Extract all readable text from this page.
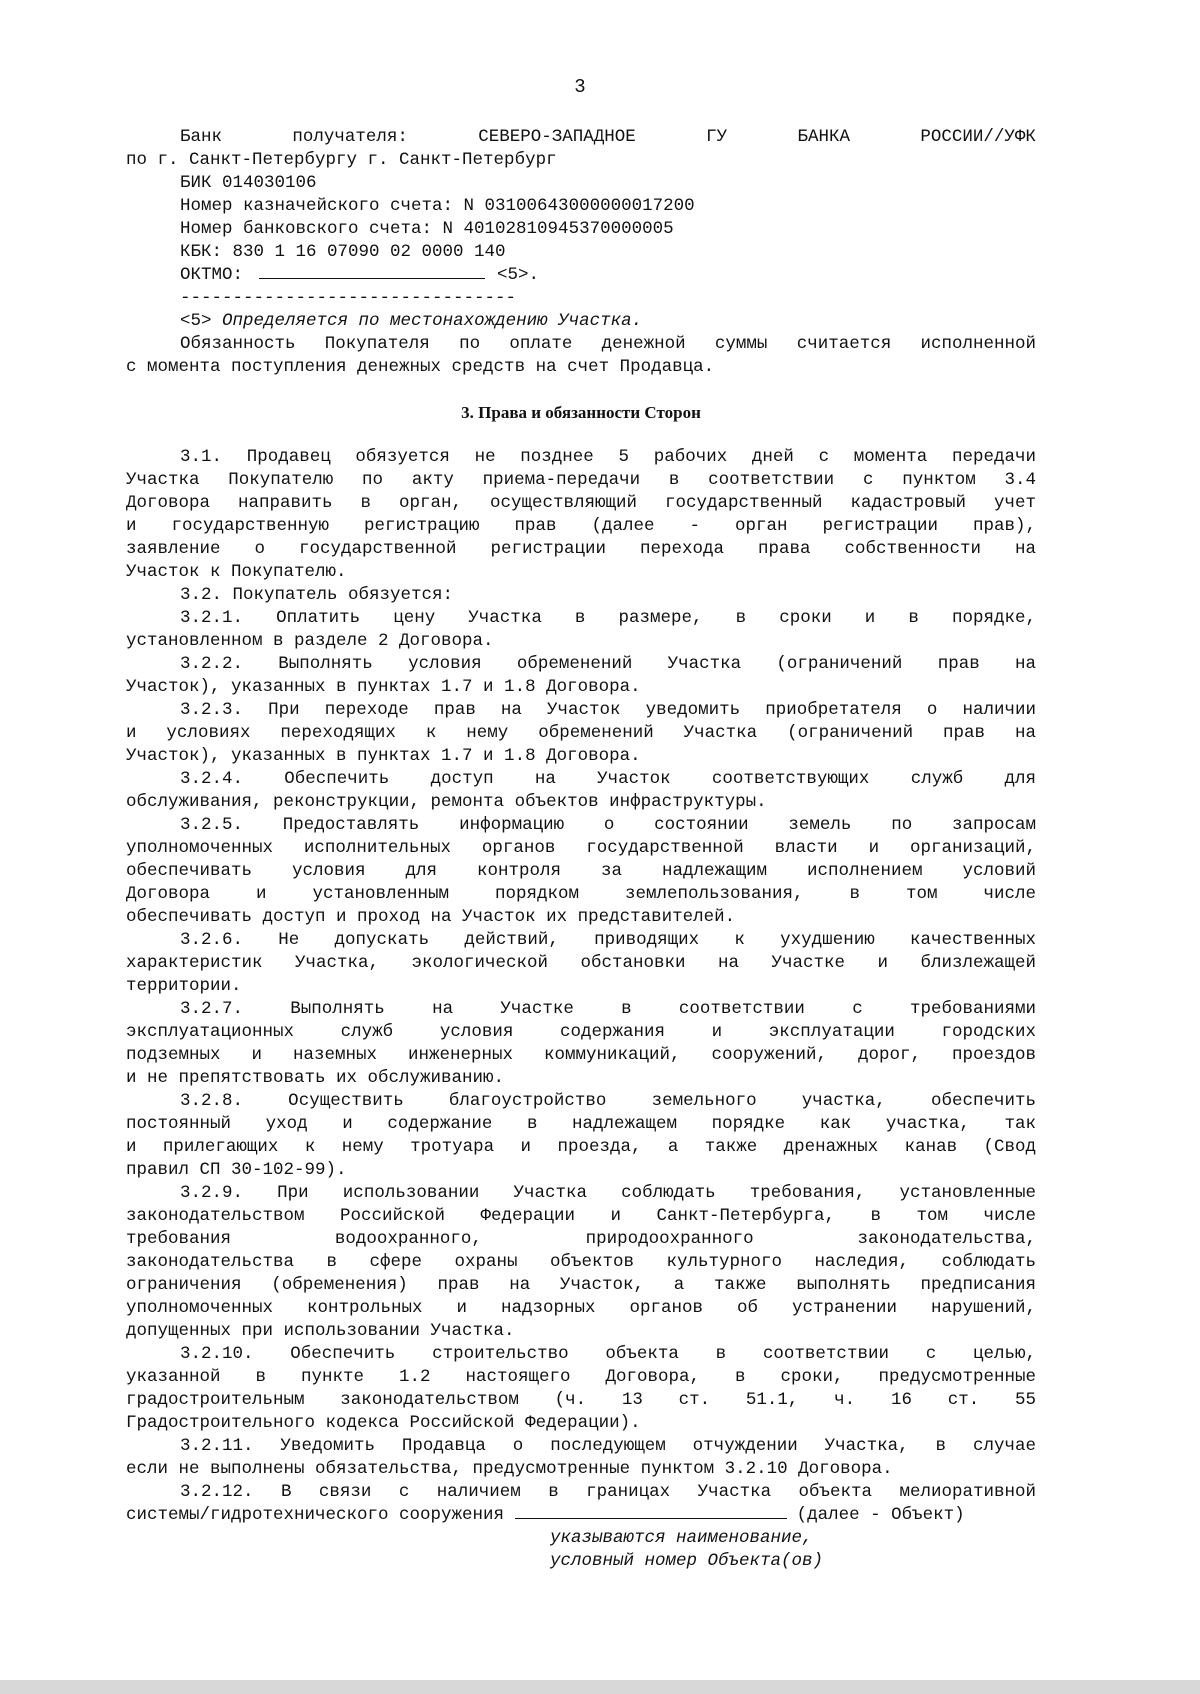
3
Банк	получателя:	СЕВЕРО-ЗАПАДНОЕ	ГУ	БАНКА	РОССИИ//УФК
по г. Санкт-Петербургу г. Санкт-Петербург
БИК 014030106
Номер казначейского счета: N 03100643000000017200
Номер банковского счета: N 40102810945370000005
КБК: 830 1 16 07090 02 0000 140
ОКТМО:	<5>.
--------------------------------
<5> Определяется по местонахождению Участка.
Обязанность Покупателя по оплате денежной суммы считается исполненной
с момента поступления денежных средств на счет Продавца.
3. Права и обязанности Сторон
3.1. Продавец обязуется не позднее 5 рабочих дней с момента передачи
Участка Покупателю по акту приема-передачи в соответствии с пунктом 3.4
Договора направить в орган, осуществляющий государственный кадастровый учет
и государственную регистрацию прав (далее - орган регистрации прав),
заявление о государственной регистрации перехода права собственности на
Участок к Покупателю.
3.2. Покупатель обязуется:
3.2.1. Оплатить цену Участка в размере, в сроки и в порядке,
установленном в разделе 2 Договора.
3.2.2. Выполнять условия обременений Участка (ограничений прав на
Участок), указанных в пунктах 1.7 и 1.8 Договора.
3.2.3. При переходе прав на Участок уведомить приобретателя о наличии
и условиях переходящих к нему обременений Участка (ограничений прав на
Участок), указанных в пунктах 1.7 и 1.8 Договора.
3.2.4. Обеспечить доступ на Участок соответствующих служб для
обслуживания, реконструкции, ремонта объектов инфраструктуры.
3.2.5. Предоставлять информацию о состоянии земель по запросам
уполномоченных исполнительных органов государственной власти и организаций,
обеспечивать условия для контроля за надлежащим исполнением условий
Договора и установленным порядком землепользования, в том числе
обеспечивать доступ и проход на Участок их представителей.
3.2.6. Не допускать действий, приводящих к ухудшению качественных
характеристик Участка, экологической обстановки на Участке и близлежащей
территории.
3.2.7. Выполнять на Участке в соответствии с требованиями
эксплуатационных служб условия содержания и эксплуатации городских
подземных и наземных инженерных коммуникаций, сооружений, дорог, проездов
и не препятствовать их обслуживанию.
3.2.8. Осуществить благоустройство земельного участка, обеспечить
постоянный уход и содержание в надлежащем порядке как участка, так
и прилегающих к нему тротуара и проезда, а также дренажных канав (Свод
правил СП 30-102-99).
3.2.9. При использовании Участка соблюдать требования, установленные
законодательством Российской Федерации и Санкт-Петербурга, в том числе
требования водоохранного, природоохранного законодательства,
законодательства в сфере охраны объектов культурного наследия, соблюдать
ограничения (обременения) прав на Участок, а также выполнять предписания
уполномоченных контрольных и надзорных органов об устранении нарушений,
допущенных при использовании Участка.
3.2.10. Обеспечить строительство объекта в соответствии с целью,
указанной в пункте 1.2 настоящего Договора, в сроки, предусмотренные
градостроительным законодательством (ч. 13 ст. 51.1, ч. 16 ст. 55
Градостроительного кодекса Российской Федерации).
3.2.11. Уведомить Продавца о последующем отчуждении Участка, в случае
если не выполнены обязательства, предусмотренные пунктом 3.2.10 Договора.
3.2.12. В связи с наличием в границах Участка объекта мелиоративной
системы/гидротехнического сооружения	(далее - Объект)
указываются наименование,
условный номер Объекта(ов)
